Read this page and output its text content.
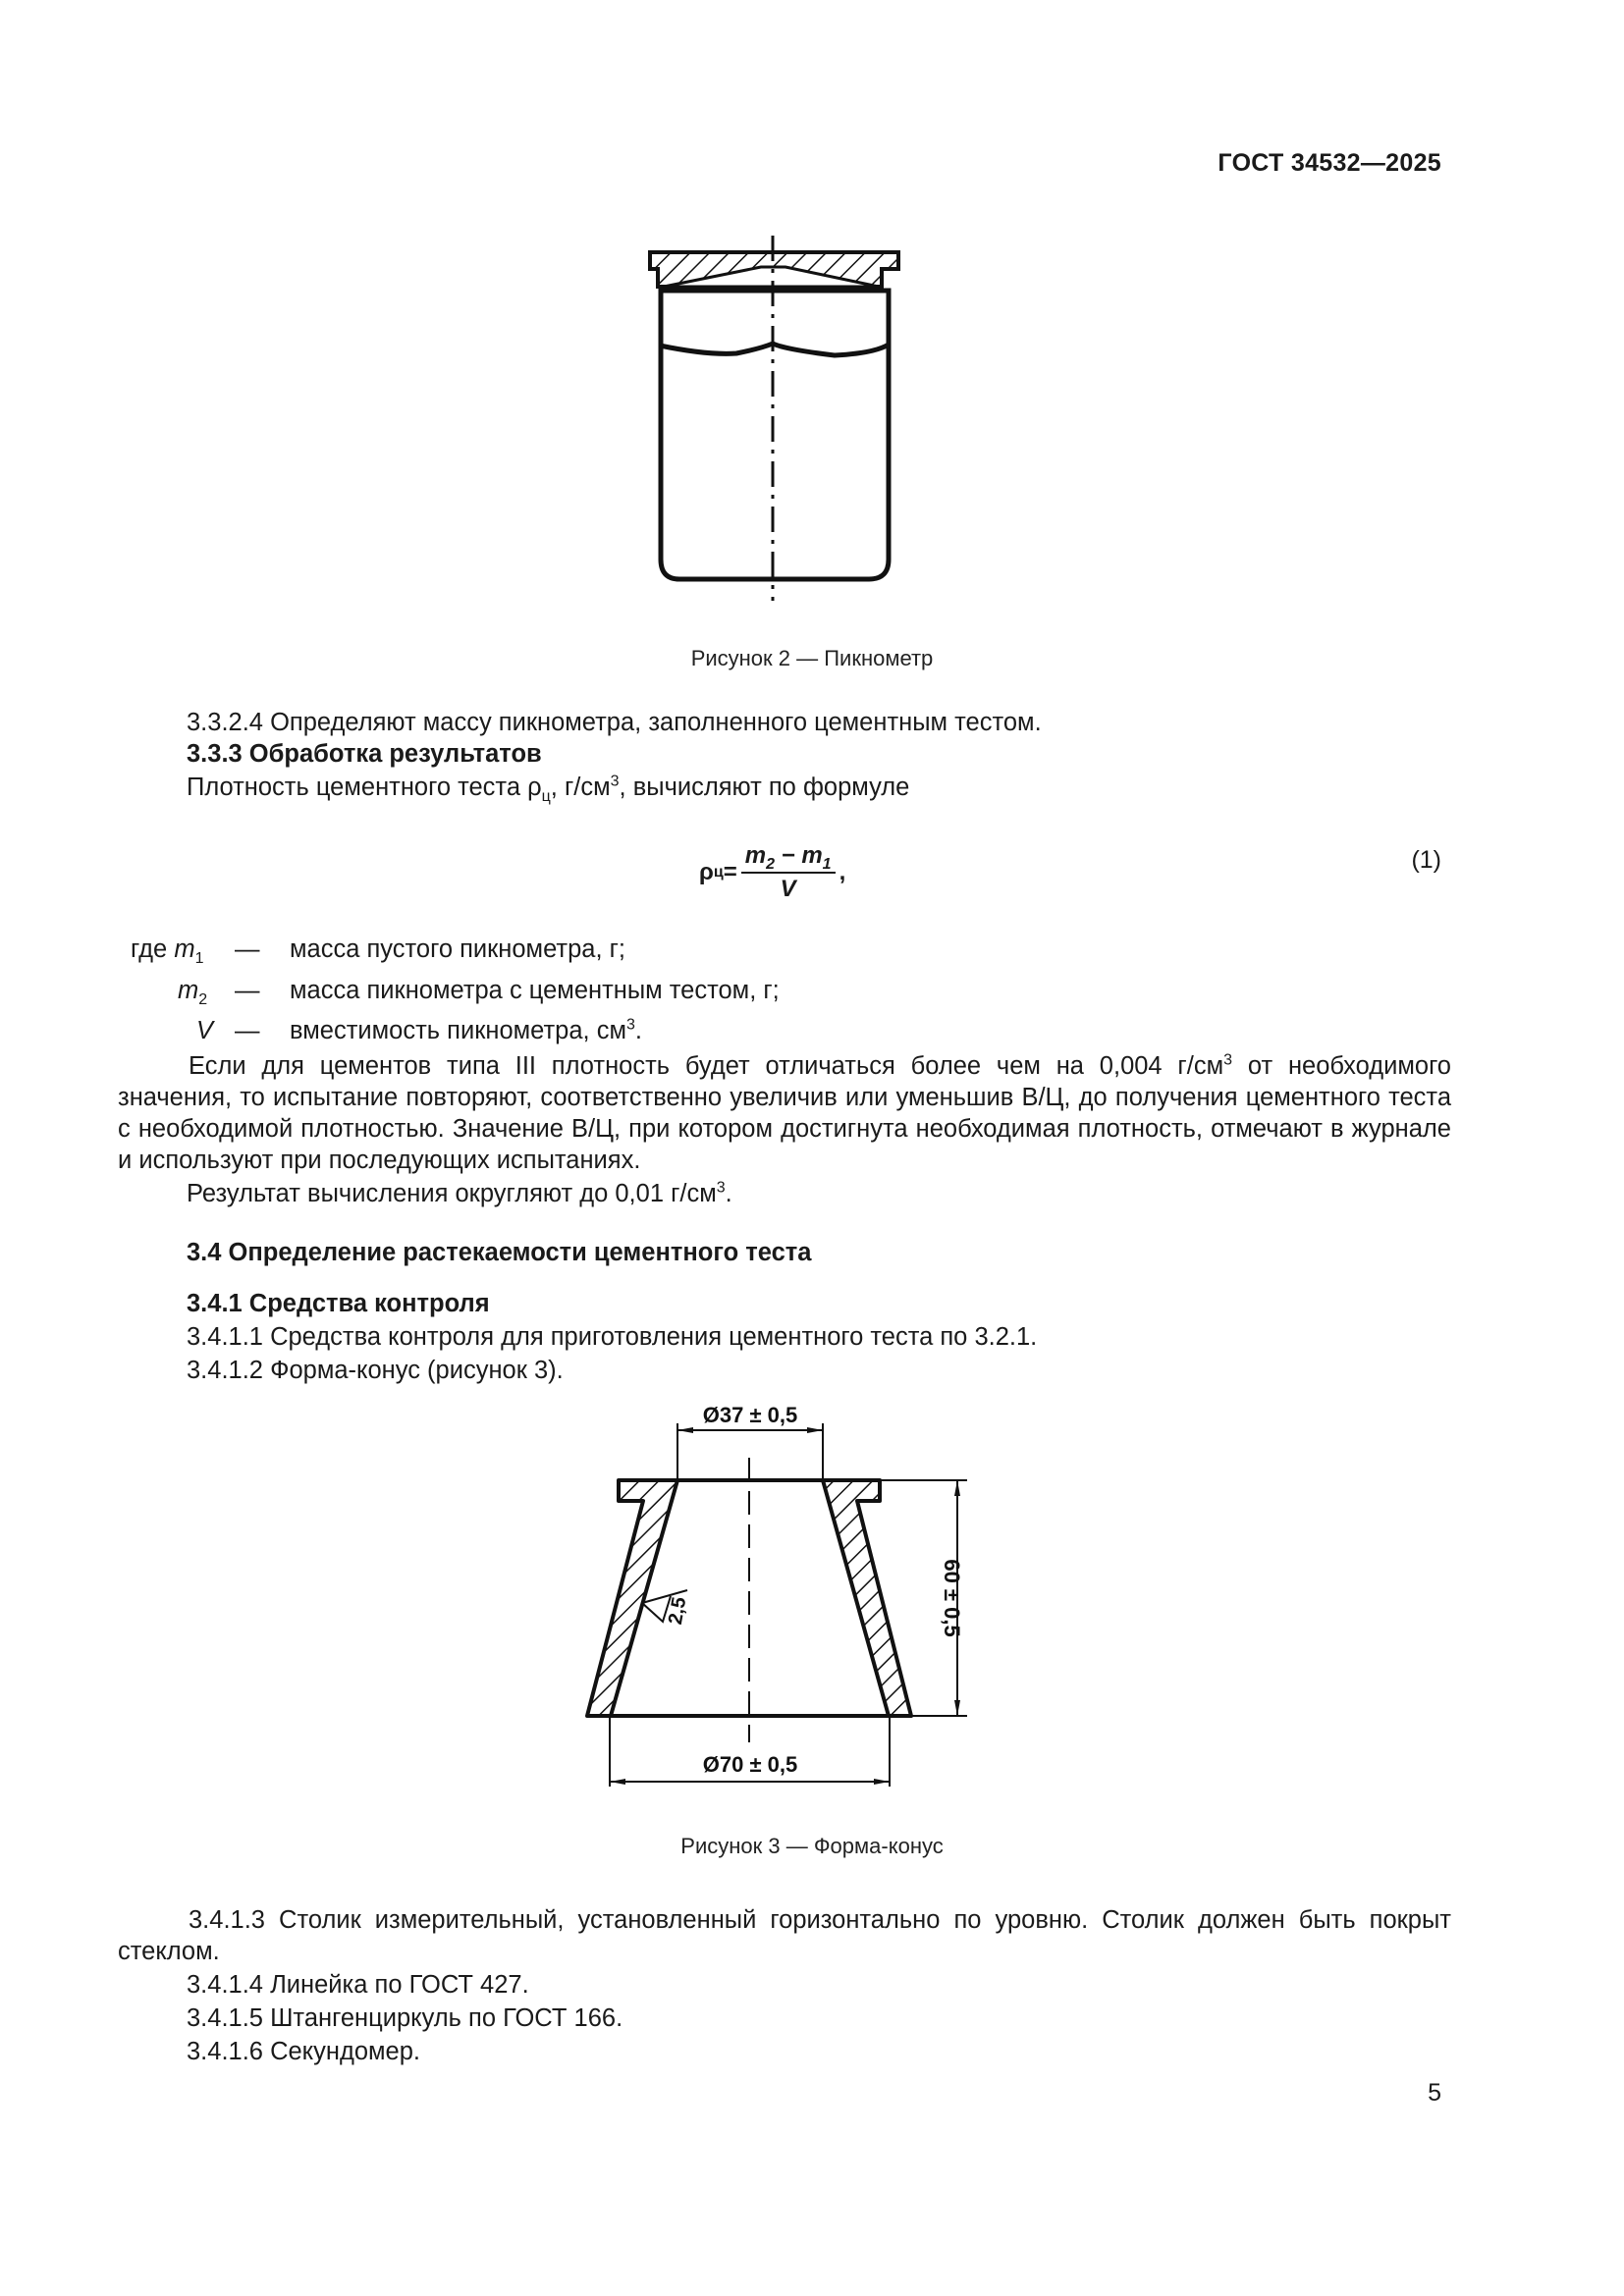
ГОСТ 34532—2025
Рисунок 2 — Пикнометр
3.3.2.4 Определяют массу пикнометра, заполненного цементным тестом.
3.3.3 Обработка результатов
Плотность цементного теста $\rho_ц$, $г/см^3$, вычисляют по формуле
ρ $ц = \frac{m_2 - m_1}{V}$ ,	(1)
где $m_1$ — масса пустого пикнометра, г;
$m_2$ — масса пикнометра с цементным тестом, г;
V — вместимость пикнометра, $см^3$.
Если для цементов типа III плотность будет отличаться более чем на 0,004 $г/см^3$ от необходимого значения, то испытание повторяют, соответственно увеличив или уменьшив В/Ц, до получения цементного теста с необходимой плотностью. Значение В/Ц, при котором достигнута необходимая плотность, отмечают в журнале и используют при последующих испытаниях.
Результат вычисления округляют до 0,01 $г/см^3$.
3.4 Определение растекаемости цементного теста
3.4.1 Средства контроля
3.4.1.1 Средства контроля для приготовления цементного теста по 3.2.1.
3.4.1.2 Форма-конус (рисунок 3).
Ø37 ± 0,5
Ø70 ± 0,5
60 ± 0,5
2,5
Рисунок 3 — Форма-конус
3.4.1.3 Столик измерительный, установленный горизонтально по уровню. Столик должен быть покрыт стеклом.
3.4.1.4 Линейка по ГОСТ 427.
3.4.1.5 Штангенциркуль по ГОСТ 166.
3.4.1.6 Секундомер.
5
